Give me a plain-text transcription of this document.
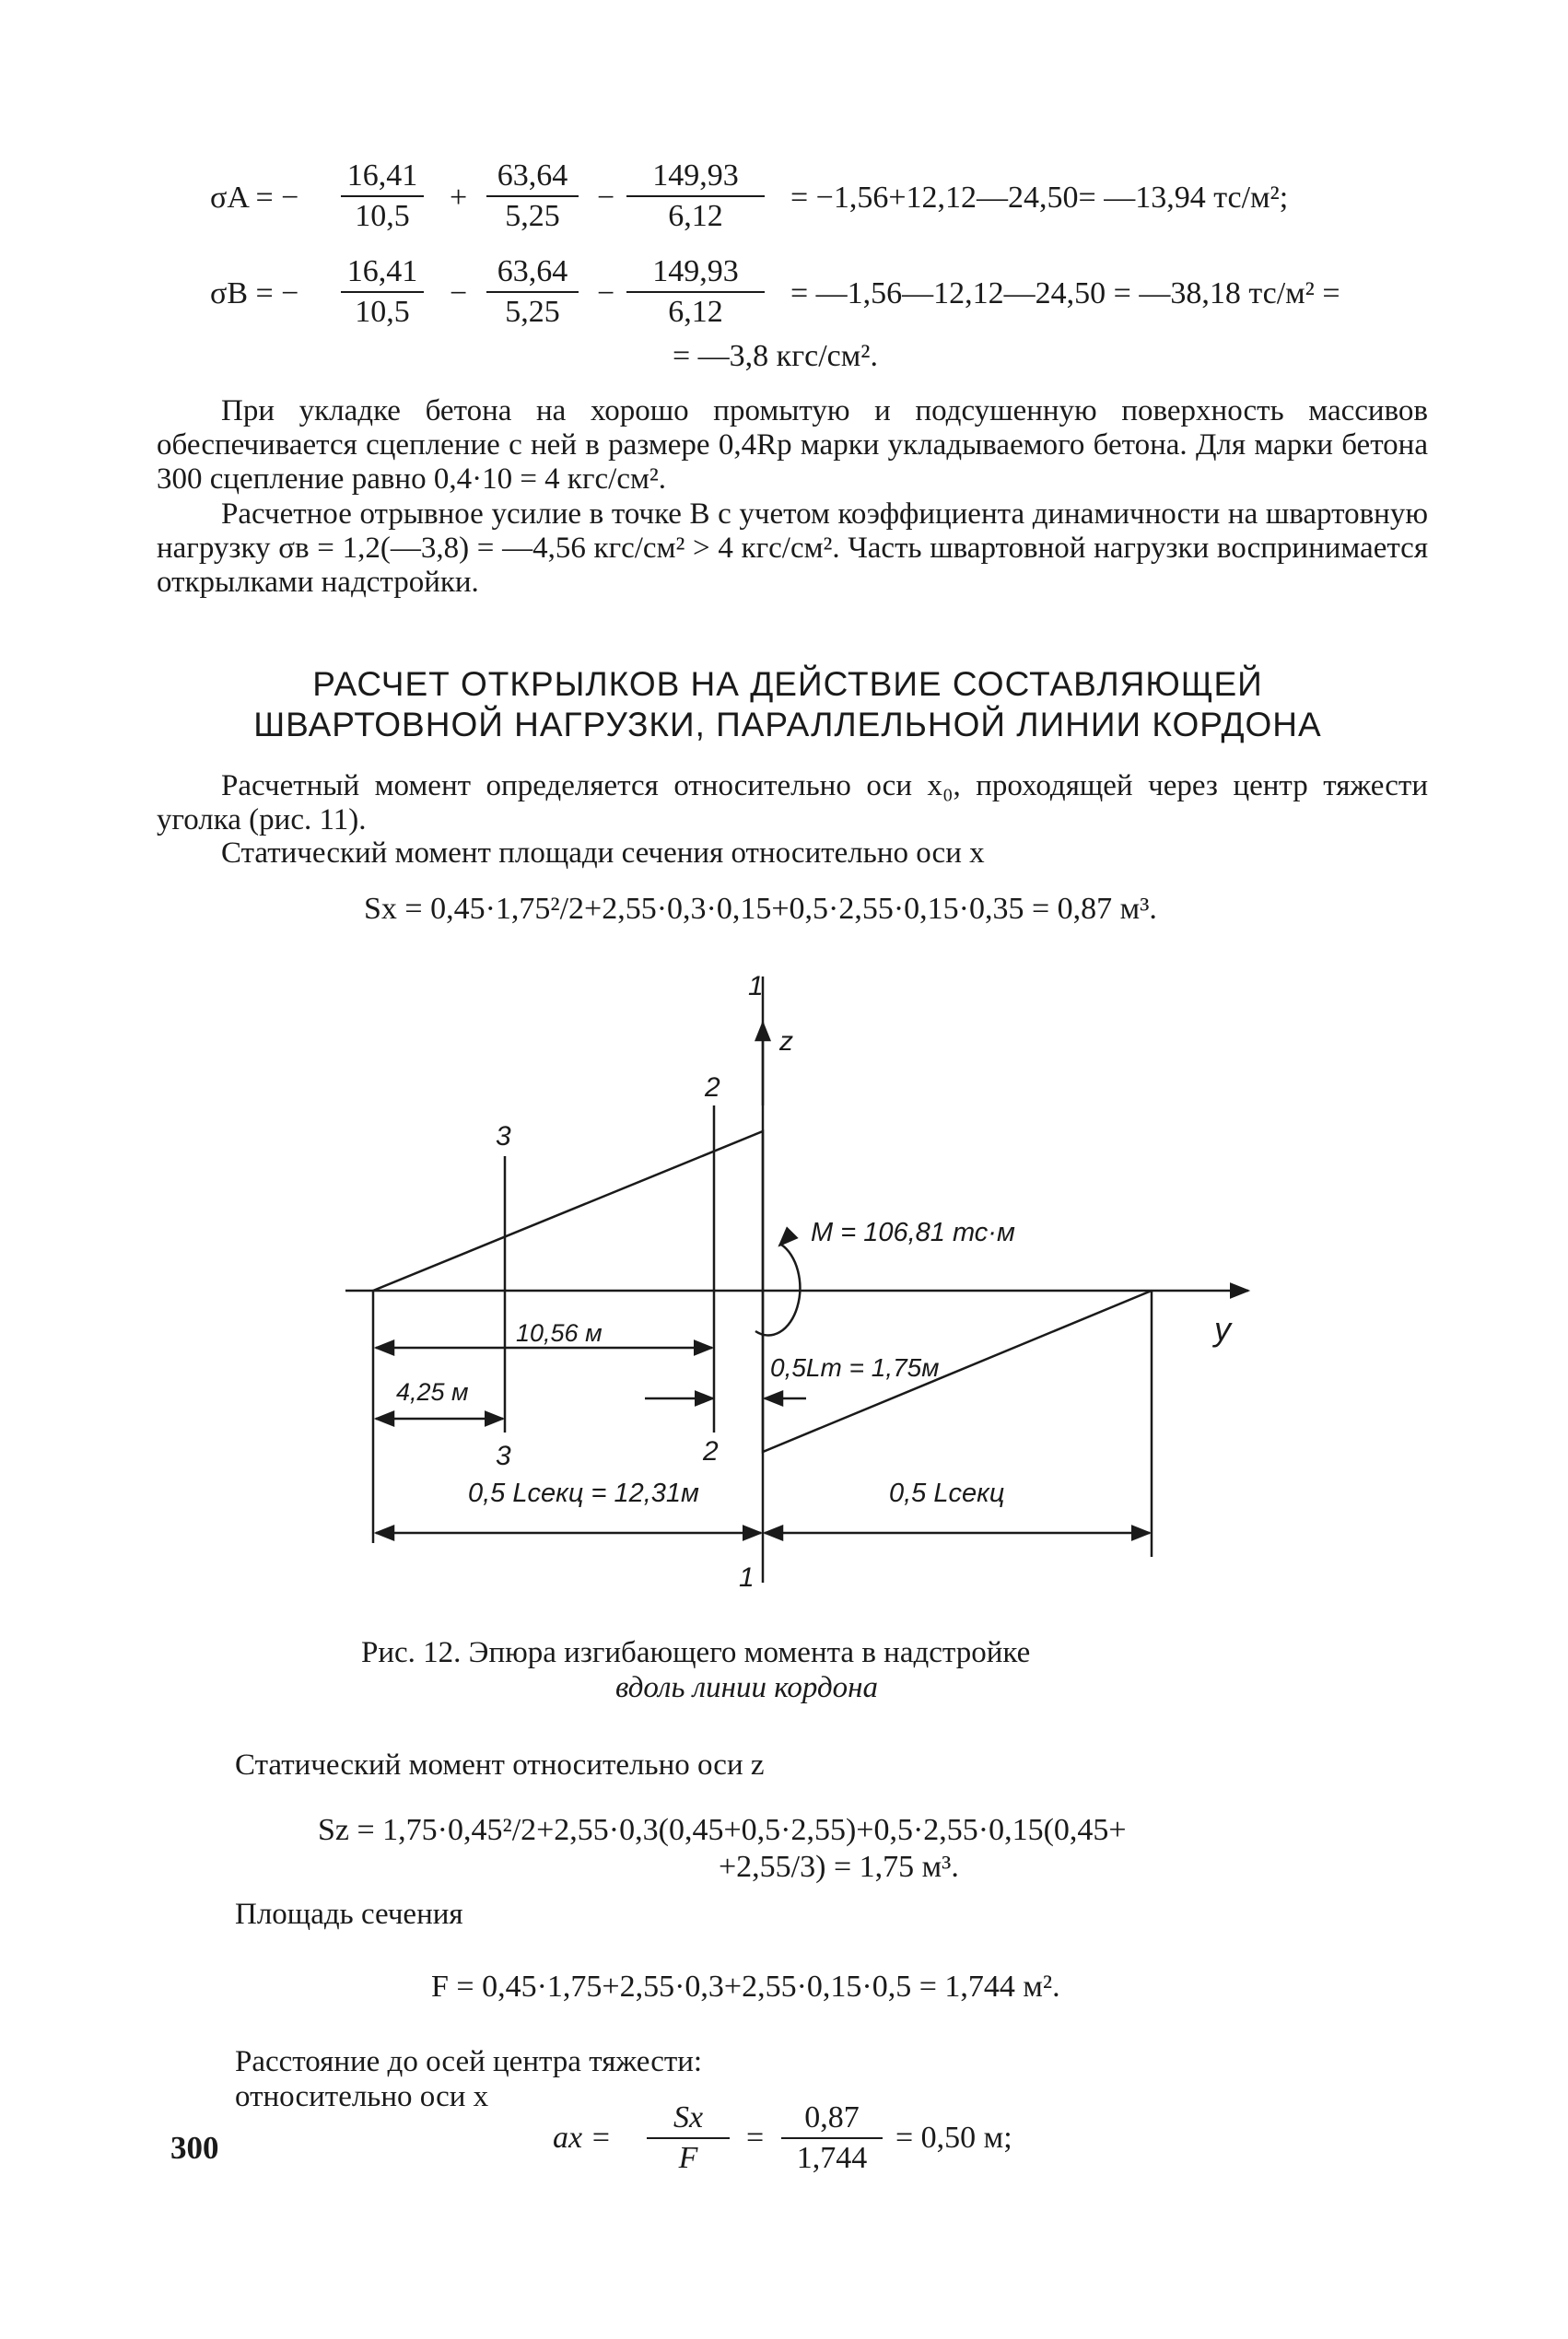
σA = − $\frac{16,41}{10,5} + \frac{63,64}{5,25} - \frac{149,93}{6,12}$ = −1,56+12,12—24,50= —13,94 тс/м²;
σB = − $\frac{16,41}{10,5} - \frac{63,64}{5,25} - \frac{149,93}{6,12}$ = —1,56—12,12—24,50 = —38,18 тс/м² =
= —3,8 кгс/см².
При укладке бетона на хорошо промытую и подсушенную поверхность массивов обеспечивается сцепление с ней в размере 0,4Rр марки укладываемого бетона. Для марки бетона 300 сцепление равно 0,4·10 = 4 кгс/см².
Расчетное отрывное усилие в точке B с учетом коэффициента динамичности на швартовную нагрузку σв = 1,2(—3,8) = —4,56 кгс/см² > 4 кгс/см². Часть швартовной нагрузки воспринимается открылками надстройки.
РАСЧЕТ ОТКРЫЛКОВ НА ДЕЙСТВИЕ СОСТАВЛЯЮЩЕЙ
ШВАРТОВНОЙ НАГРУЗКИ, ПАРАЛЛЕЛЬНОЙ ЛИНИИ КОРДОНА
Расчетный момент определяется относительно оси x₀, проходящей через центр тяжести уголка (рис. 11).
Статический момент площади сечения относительно оси x
Sx = 0,45·1,75²/2+2,55·0,3·0,15+0,5·2,55·0,15·0,35 = 0,87 м³.
1
1
z
y
2
2
3
3
M = 106,81 тс·м
10,56 м
4,25 м
0,5Lт = 1,75м
0,5 Lсекц = 12,31м	0,5 Lсекц
Рис. 12. Эпюра изгибающего момента в надстройке
вдоль линии кордона
Статический момент относительно оси z
Sz = 1,75·0,45²/2+2,55·0,3(0,45+0,5·2,55)+0,5·2,55·0,15(0,45+
+2,55/3) = 1,75 м³.
Площадь сечения
F = 0,45·1,75+2,55·0,3+2,55·0,15·0,5 = 1,744 м².
Расстояние до осей центра тяжести:
относительно оси x
ax = $\frac{Sx}{F} = \frac{0,87}{1,744} = 0,50$ м;
300
